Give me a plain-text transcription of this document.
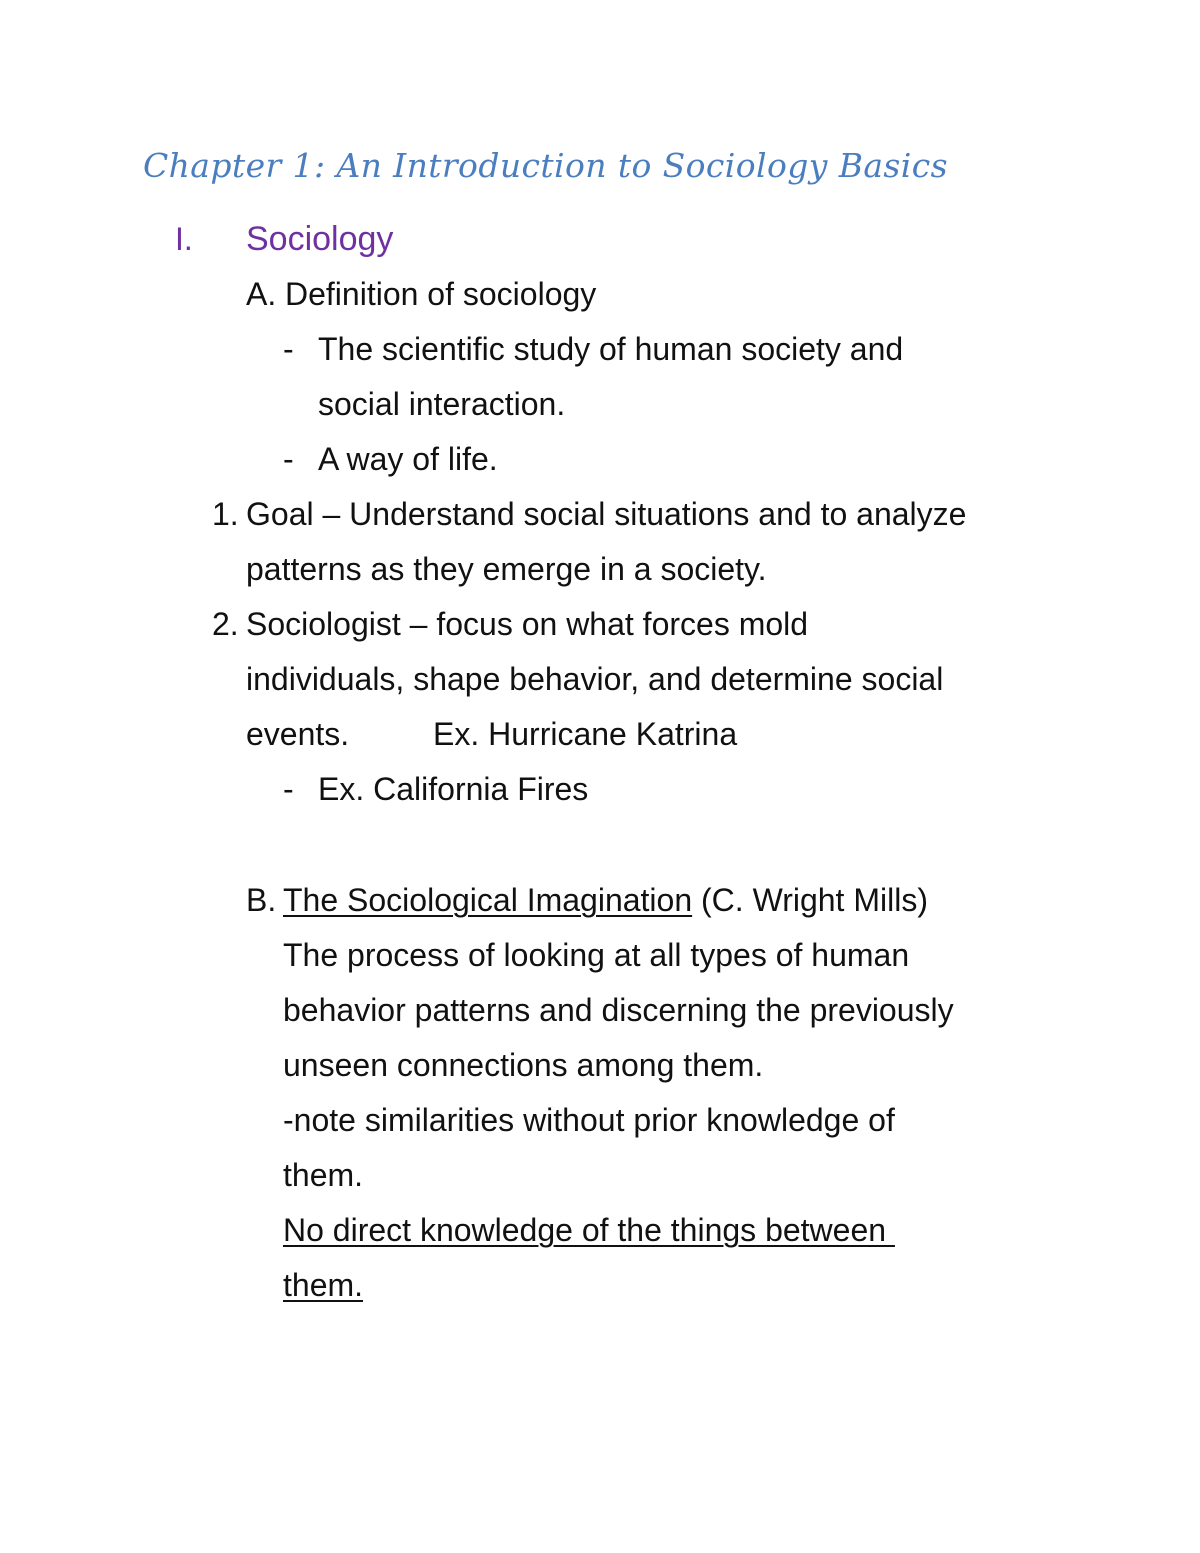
Chapter 1: An Introduction to Sociology Basics
I. Sociology
A. Definition of sociology
- The scientific study of human society and
social interaction.
- A way of life.
1. Goal – Understand social situations and to analyze
patterns as they emerge in a society.
2. Sociologist – focus on what forces mold
individuals, shape behavior, and determine social
events.	Ex. Hurricane Katrina
- Ex. California Fires
B. The Sociological Imagination (C. Wright Mills)
The process of looking at all types of human
behavior patterns and discerning the previously
unseen connections among them.
-note similarities without prior knowledge of
them.
No direct knowledge of the things between
them.
